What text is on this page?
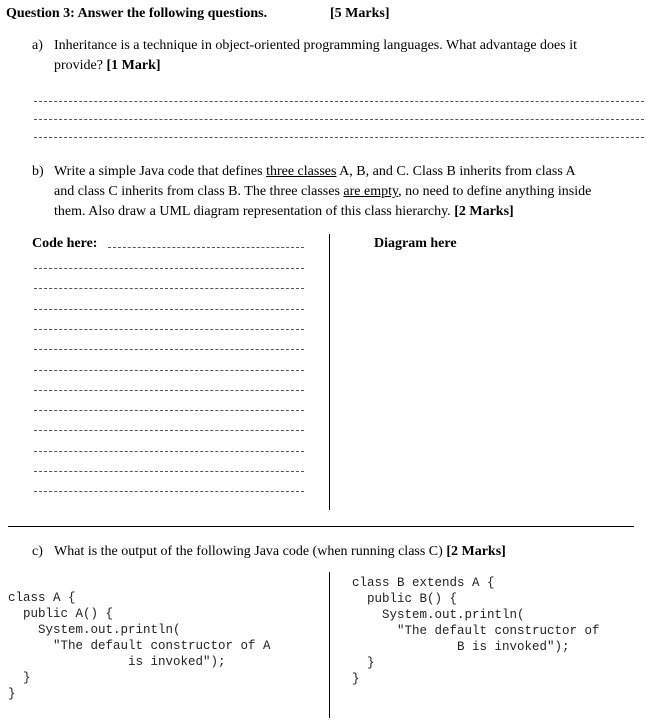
Question 3: Answer the following questions.	[5 Marks]
a) Inheritance is a technique in object-oriented programming languages. What advantage does it
provide? [1 Mark]
b) Write a simple Java code that defines three classes A, B, and C. Class B inherits from class A
and class C inherits from class B. The three classes are empty, no need to define anything inside
them. Also draw a UML diagram representation of this class hierarchy. [2 Marks]
Code here:	Diagram here
c) What is the output of the following Java code (when running class C) [2 Marks]
class A {
public A() {
System.out.println(
"The default constructor of A
is invoked");
}
}
class B extends A {
public B() {
System.out.println(
"The default constructor of
B is invoked");
}
}
